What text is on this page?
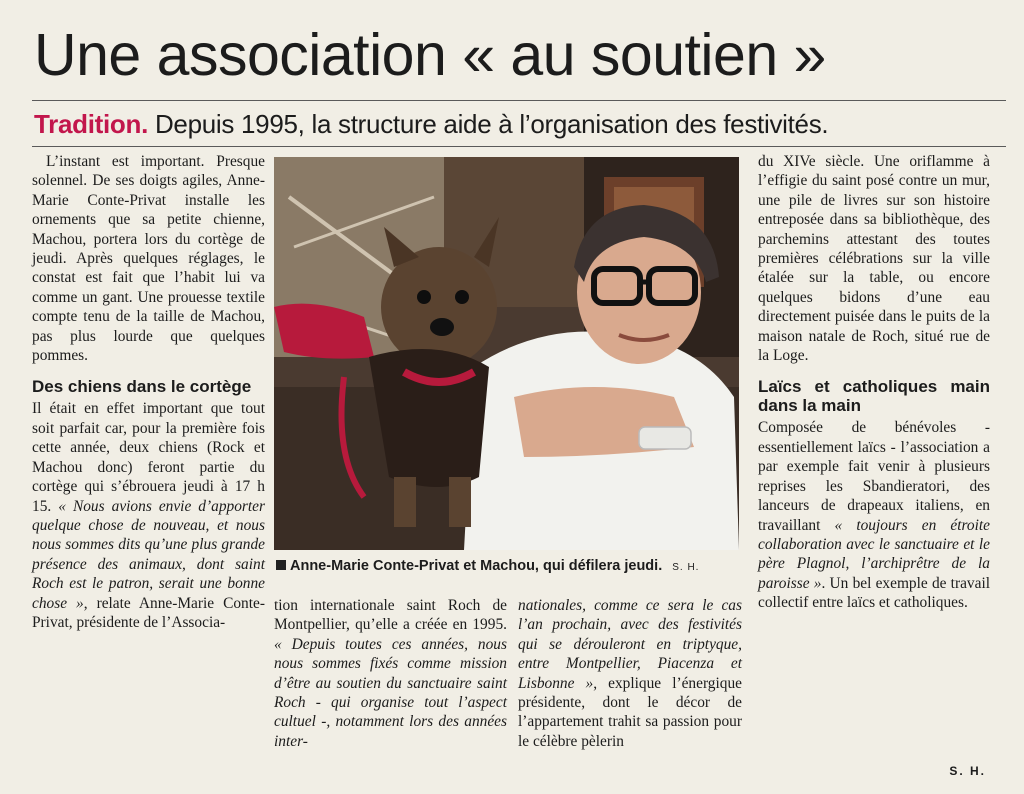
Une association « au soutien »
Tradition. Depuis 1995, la structure aide à l’organisation des festivités.

L’instant est important. Presque solennel. De ses doigts agiles, Anne-Marie Conte-Privat installe les ornements que sa petite chienne, Machou, portera lors du cortège de jeudi. Après quelques réglages, le constat est fait que l’habit lui va comme un gant. Une prouesse textile compte tenu de la taille de Machou, pas plus lourde que quelques pommes.

Des chiens dans le cortège

Il était en effet important que tout soit parfait car, pour la première fois cette année, deux chiens (Rock et Machou donc) feront partie du cortège qui s’ébrouera jeudi à 17 h 15. « Nous avions envie d’apporter quelque chose de nouveau, et nous nous sommes dits qu’une plus grande présence des animaux, dont saint Roch est le patron, serait une bonne chose », relate Anne-Marie Conte-Privat, présidente de l’Associa-

Anne-Marie Conte-Privat et Machou, qui défilera jeudi. S. H.

tion internationale saint Roch de Montpellier, qu’elle a créée en 1995. « Depuis toutes ces années, nous nous sommes fixés comme mission d’être au soutien du sanctuaire saint Roch - qui organise tout l’aspect cultuel -, notamment lors des années inter-

nationales, comme ce sera le cas l’an prochain, avec des festivités qui se dérouleront en triptyque, entre Montpellier, Piacenza et Lisbonne », explique l’énergique présidente, dont le décor de l’appartement trahit sa passion pour le célèbre pèlerin

du XIVe siècle. Une oriflamme à l’effigie du saint posé contre un mur, une pile de livres sur son histoire entreposée dans sa bibliothèque, des parchemins attestant des toutes premières célébrations sur la ville étalée sur la table, ou encore quelques bidons d’une eau directement puisée dans le puits de la maison natale de Roch, situé rue de la Loge.

Laïcs et catholiques main dans la main

Composée de bénévoles - essentiellement laïcs - l’association a par exemple fait venir à plusieurs reprises les Sbandieratori, des lanceurs de drapeaux italiens, en travaillant « toujours en étroite collaboration avec le sanctuaire et le père Plagnol, l’archiprêtre de la paroisse ». Un bel exemple de travail collectif entre laïcs et catholiques.

S. H.
